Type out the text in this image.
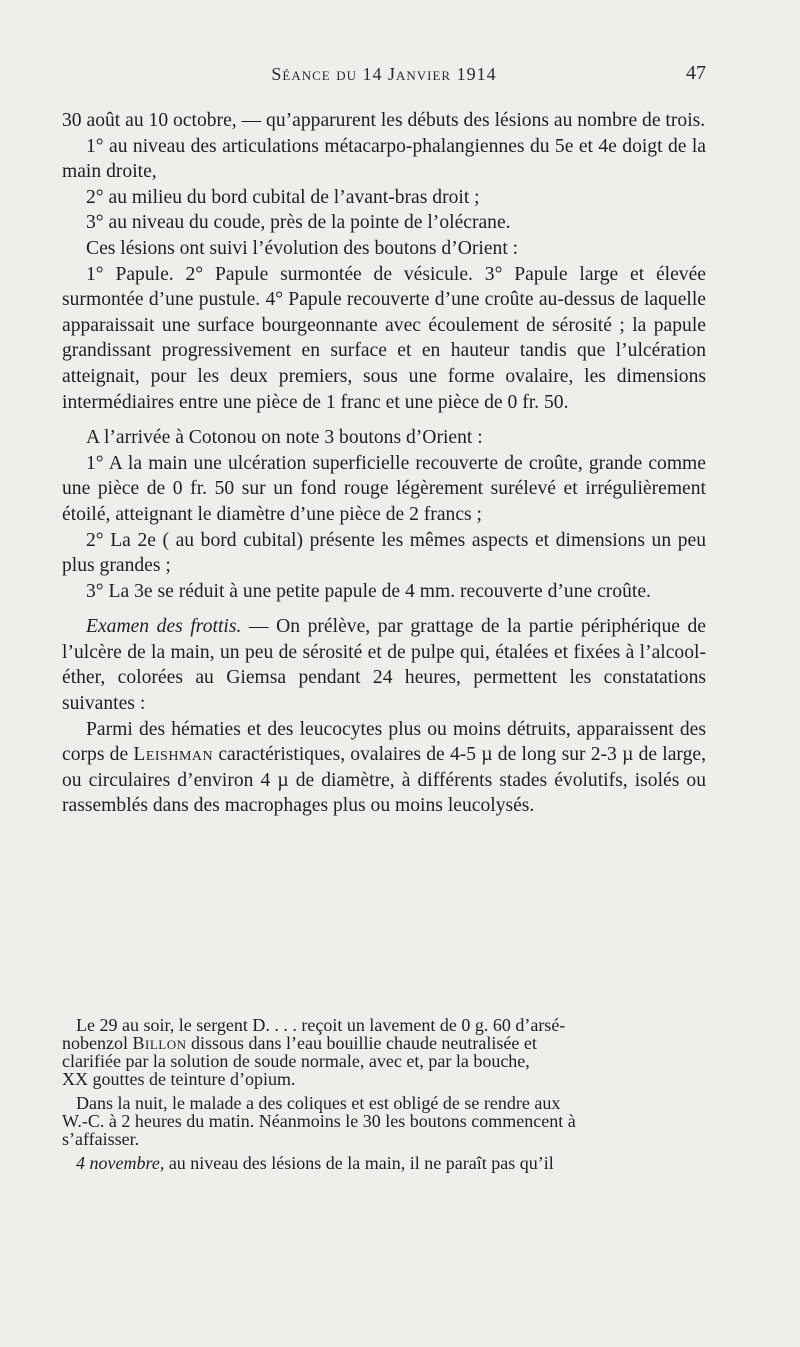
Séance du 14 Janvier 1914	47

30 août au 10 octobre, — qu’apparurent les débuts des lésions au nombre de trois.

1° au niveau des articulations métacarpo-phalangiennes du 5e et 4e doigt de la main droite,

2° au milieu du bord cubital de l’avant-bras droit ;

3° au niveau du coude, près de la pointe de l’olécrane.

Ces lésions ont suivi l’évolution des boutons d’Orient :

1° Papule. 2° Papule surmontée de vésicule. 3° Papule large et élevée surmontée d’une pustule. 4° Papule recouverte d’une croûte au-dessus de laquelle apparaissait une surface bourgeonnante avec écoulement de sérosité ; la papule grandissant progressivement en surface et en hauteur tandis que l’ulcération atteignait, pour les deux premiers, sous une forme ovalaire, les dimensions intermédiaires entre une pièce de 1 franc et une pièce de 0 fr. 50.

A l’arrivée à Cotonou on note 3 boutons d’Orient :

1° A la main une ulcération superficielle recouverte de croûte, grande comme une pièce de 0 fr. 50 sur un fond rouge légèrement surélevé et irrégulièrement étoilé, atteignant le diamètre d’une pièce de 2 francs ;

2° La 2e ( au bord cubital) présente les mêmes aspects et dimensions un peu plus grandes ;

3° La 3e se réduit à une petite papule de 4 mm. recouverte d’une croûte.

Examen des frottis. — On prélève, par grattage de la partie périphérique de l’ulcère de la main, un peu de sérosité et de pulpe qui, étalées et fixées à l’alcool-éther, colorées au Giemsa pendant 24 heures, permettent les constatations suivantes :

Parmi des hématies et des leucocytes plus ou moins détruits, apparaissent des corps de Leishman caractéristiques, ovalaires de 4-5 µ de long sur 2-3 µ de large, ou circulaires d’environ 4 µ de diamètre, à différents stades évolutifs, isolés ou rassemblés dans des macrophages plus ou moins leucolysés.

Le 29 au soir, le sergent D. . . . reçoit un lavement de 0 g. 60 d’arsé-
nobenzol Billon dissous dans l’eau bouillie chaude neutralisée et
clarifiée par la solution de soude normale, avec et, par la bouche,
XX gouttes de teinture d’opium.

Dans la nuit, le malade a des coliques et est obligé de se rendre aux
W.-C. à 2 heures du matin. Néanmoins le 30 les boutons commencent à
s’affaisser.

4 novembre, au niveau des lésions de la main, il ne paraît pas qu’il
